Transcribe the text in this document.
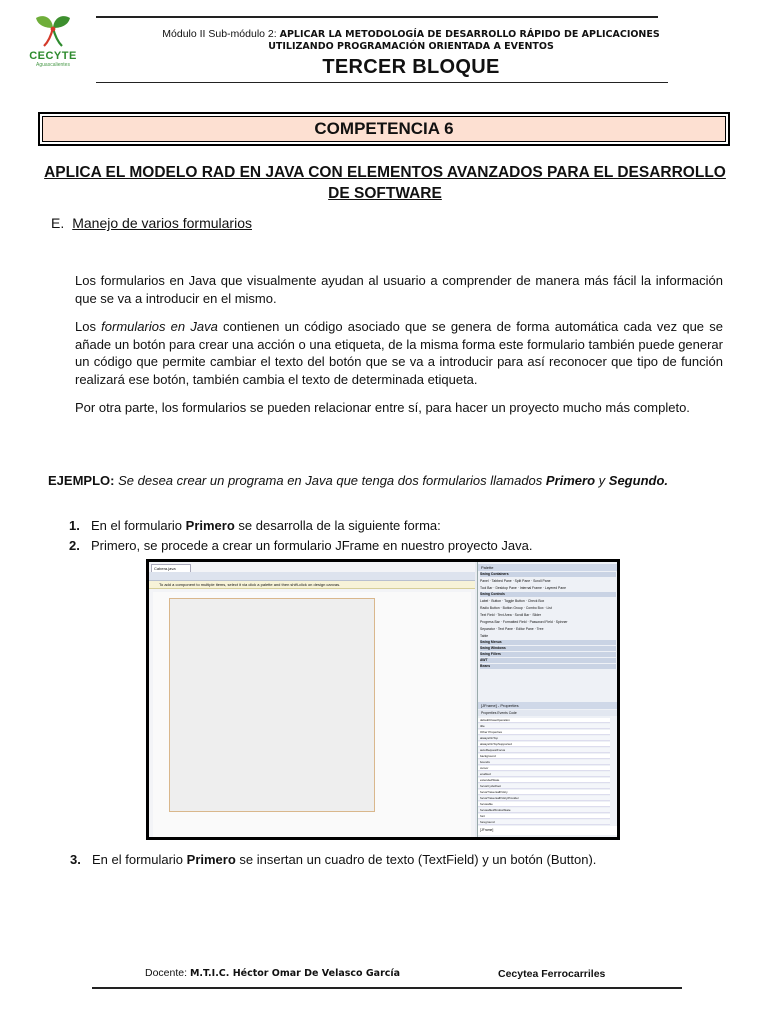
CECYTE
Aguascalientes
Módulo II Sub-módulo 2: APLICAR LA METODOLOGÍA DE DESARROLLO RÁPIDO DE APLICACIONES
UTILIZANDO PROGRAMACIÓN ORIENTADA A EVENTOS
TERCER BLOQUE
COMPETENCIA 6
APLICA EL MODELO RAD EN JAVA CON ELEMENTOS AVANZADOS PARA EL DESARROLLO DE SOFTWARE
E. Manejo de varios formularios
Los formularios en Java que visualmente ayudan al usuario a comprender de manera más fácil la información que se va a introducir en el mismo.
Los formularios en Java contienen un código asociado que se genera de forma automática cada vez que se añade un botón para crear una acción o una etiqueta, de la misma forma este formulario también puede generar un código que permite cambiar el texto del botón que se va a introducir para así reconocer que tipo de función realizará ese botón, también cambia el texto de determinada etiqueta.
Por otra parte, los formularios se pueden relacionar entre sí, para hacer un proyecto mucho más completo.
EJEMPLO: Se desea crear un programa en Java que tenga dos formularios llamados Primero y Segundo.
1. En el formulario Primero se desarrolla de la siguiente forma:
2. Primero, se procede a crear un formulario JFrame en nuestro proyecto Java.
Cabera.java
To add a component to multiple items, select it via click a palette and then shift-click on design canvas.
Palette
Swing Containers
Panel · Tabbed Pane · Split Pane · Scroll Pane
Tool Bar · Desktop Pane · Internal Frame · Layered Pane
Swing Controls
Label · Button · Toggle Button · Check Box
Radio Button · Button Group · Combo Box · List
Text Field · Text Area · Scroll Bar · Slider
Progress Bar · Formatted Field · Password Field · Spinner
Separator · Text Pane · Editor Pane · Tree
Table
Swing Menus
Swing Windows
Swing Fillers
AWT
Beans
[JFrame] - Properties
Properties Events Code
defaultCloseOperation
title
Other Properties
alwaysOnTop
alwaysOnTopSupported
autoRequestFocus
background
bounds
cursor
enabled
extendedState
focusCycleRoot
focusTraversalPolicy
focusTraversalPolicyProvider
focusable
focusableWindowState
font
foreground
[JFrame]
3. En el formulario Primero se insertan un cuadro de texto (TextField) y un botón (Button).
Docente: M.T.I.C. Héctor Omar De Velasco García	Cecytea Ferrocarriles
